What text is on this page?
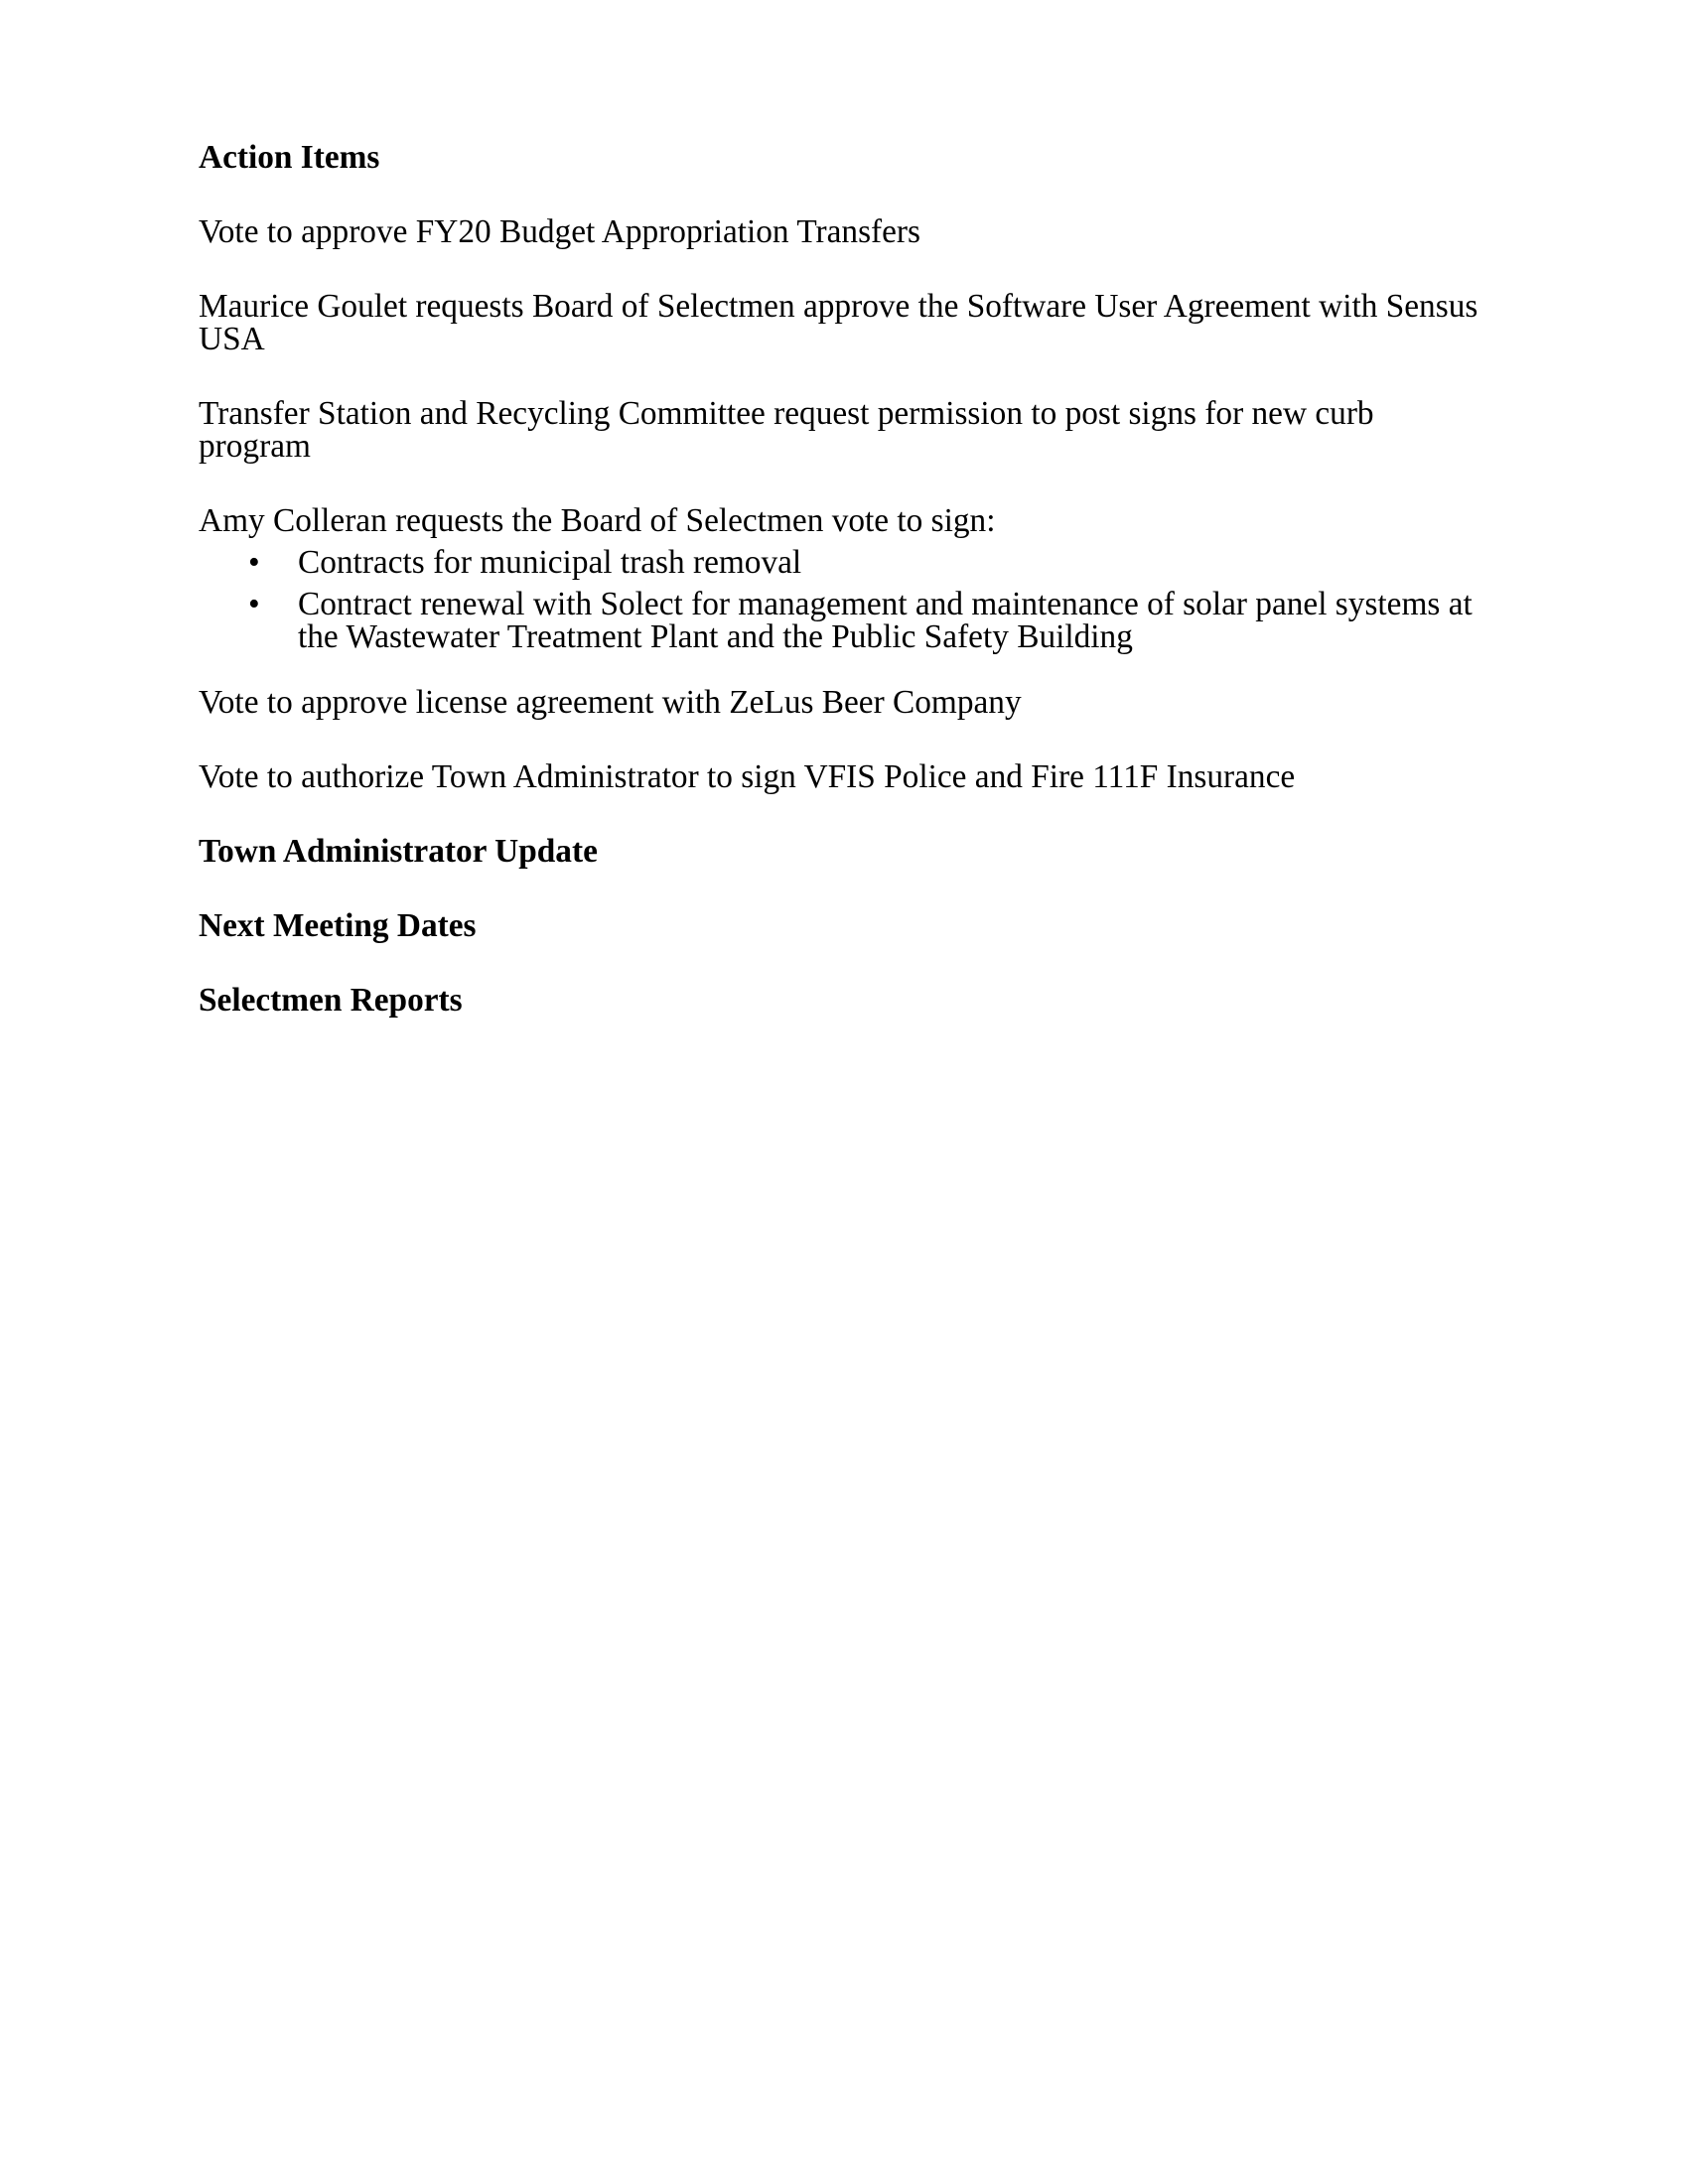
Action Items

Vote to approve FY20 Budget Appropriation Transfers

Maurice Goulet requests Board of Selectmen approve the Software User Agreement with Sensus USA

Transfer Station and Recycling Committee request permission to post signs for new curb program

Amy Colleran requests the Board of Selectmen vote to sign:

• Contracts for municipal trash removal
• Contract renewal with Solect for management and maintenance of solar panel systems at the Wastewater Treatment Plant and the Public Safety Building

Vote to approve license agreement with ZeLus Beer Company

Vote to authorize Town Administrator to sign VFIS Police and Fire 111F Insurance

Town Administrator Update
Next Meeting Dates
Selectmen Reports
